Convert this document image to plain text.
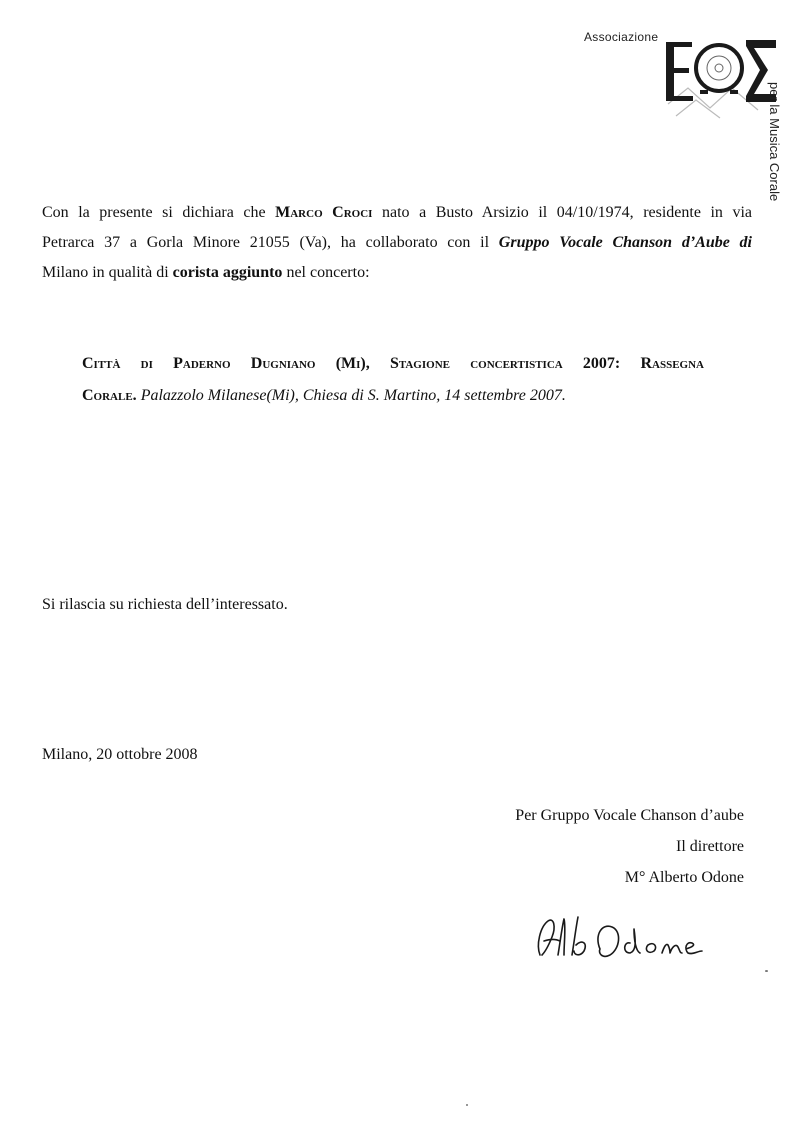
Associazione
per la Musica Corale

Con la presente si dichiara che Marco Croci nato a Busto Arsizio il 04/10/1974, residente in via
Petrarca 37 a Gorla Minore 21055 (Va), ha collaborato con il Gruppo Vocale Chanson d’Aube di
Milano in qualità di corista aggiunto nel concerto:

Città di Paderno Dugniano (Mi), Stagione concertistica 2007: Rassegna
Corale. Palazzolo Milanese(Mi), Chiesa di S. Martino, 14 settembre 2007.

Si rilascia su richiesta dell’interessato.

Milano, 20 ottobre 2008

Per Gruppo Vocale Chanson d’aube
Il direttore
M° Alberto Odone
